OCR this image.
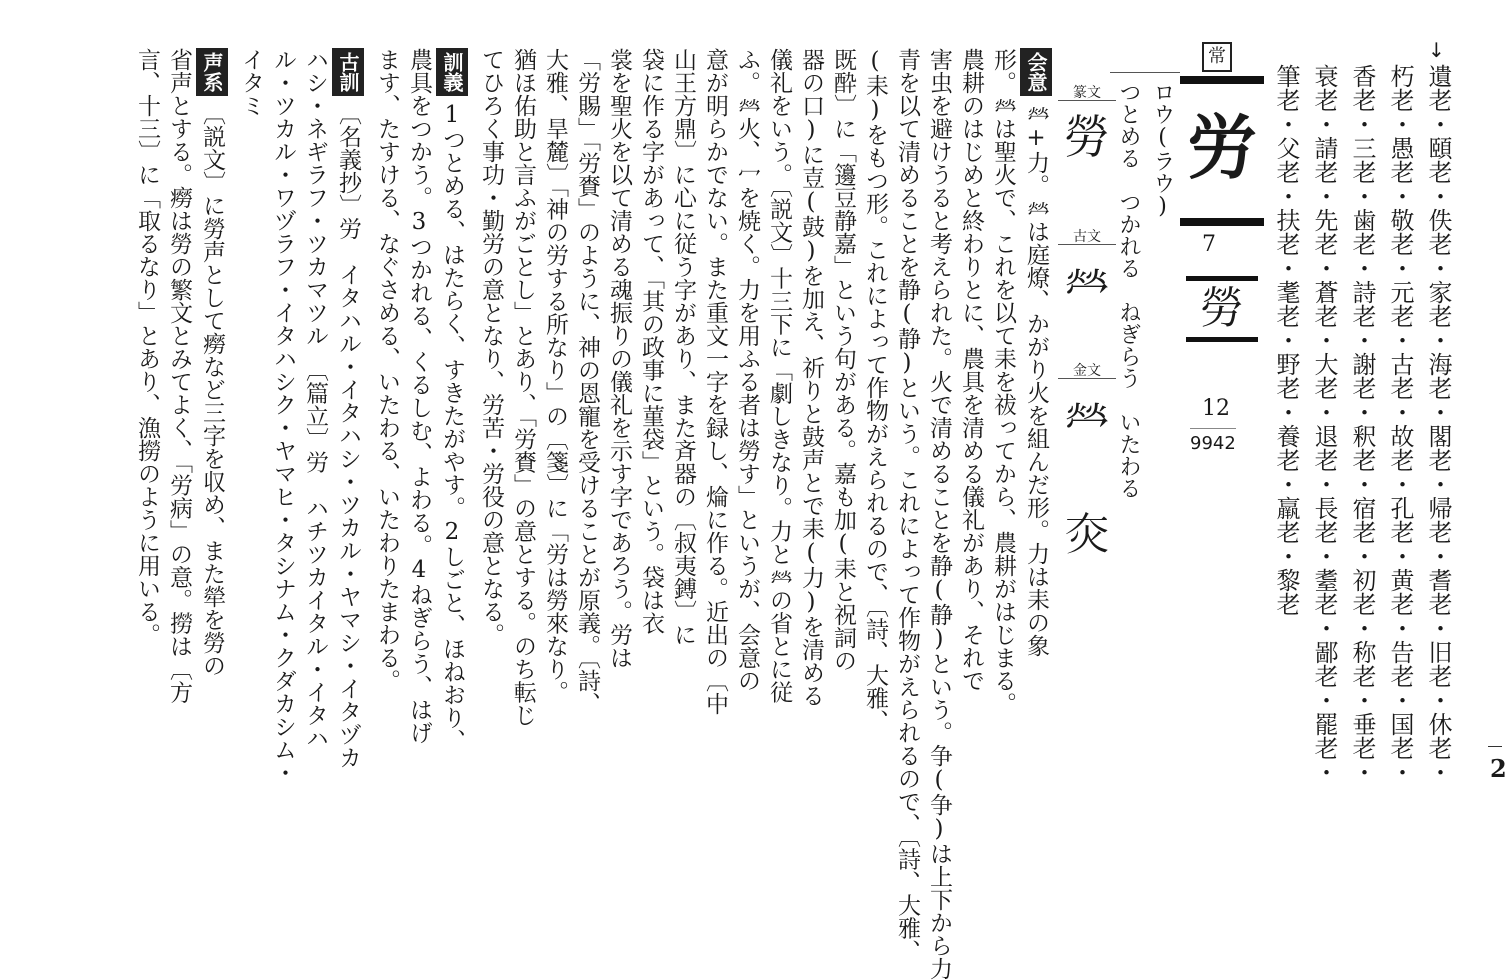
↓
遺老・頤老・佚老・家老・海老・閣老・帰老・耆老・旧老・休老・
朽老・愚老・敬老・元老・古老・故老・孔老・黄老・告老・国老・
香老・三老・歯老・詩老・謝老・釈老・宿老・初老・称老・垂老・
衰老・請老・先老・蒼老・大老・退老・長老・耋老・鄙老・罷老・
筆老・父老・扶老・耄老・野老・養老・羸老・黎老
常
労
7
勞
12
9942
ロウ(ラウ)
つとめる　つかれる　ねぎらう　いたわる
篆文
勞
古文
𤇾
金文
𤇾
𤆍
会意𤇾+力。𤇾は庭燎、かがり火を組んだ形。力は耒の象
形。𤇾は聖火で、これを以て耒を祓ってから、農耕がはじまる。
農耕のはじめと終わりとに、農具を清める儀礼があり、それで
害虫を避けうると考えられた。火で清めることを静(静)という。争(争)は上下から力
青を以て清めることを静(静)という。これによって作物がえられるので、〔詩、大雅、
(耒)をもつ形。これによって作物がえられるので、〔詩、大雅、
既酔〕に「籩豆静嘉」という句がある。嘉も加(耒と祝詞の
器の口)に壴(鼓)を加え、祈りと鼓声とで耒(力)を清める
儀礼をいう。〔説文〕十三下に「劇しきなり。力と𤇾の省とに従
ふ。𤇾火、冖を焼く。力を用ふる者は勞す」というが、会意の
意が明らかでない。また重文一字を録し、㷍に作る。近出の〔中
山王方鼎〕に心に従う字があり、また斉器の〔叔夷鎛〕に
袋に作る字があって、「其の政事に菫袋」という。袋は衣
裳を聖火を以て清める魂振りの儀礼を示す字であろう。労は
「労賜」「労賚」のように、神の恩寵を受けることが原義。〔詩、
大雅、旱麓〕「神の労する所なり」の〔箋〕に「労は勞來なり。
猶ほ佑助と言ふがごとし」とあり、「労賚」の意とする。のち転じ
てひろく事功・勤労の意となり、労苦・労役の意となる。
訓義1つとめる、はたらく、すきたがやす。2しごと、ほねおり、
農具をつかう。3つかれる、くるしむ、よわる。4ねぎらう、はげ
ます、たすける、なぐさめる、いたわる、いたわりたまわる。
古訓〔名義抄〕労　イタハル・イタハシ・ツカル・ヤマシ・イタヅカ
ハシ・ネギラフ・ツカマツル　〔篇立〕労　ハチツカイタル・イタハ
ル・ツカル・ワヅラフ・イタハシク・ヤマヒ・タシナム・クダカシム・
イタミ
声系〔説文〕に勞声として癆など三字を収め、また犖を勞の
省声とする。癆は勞の繁文とみてよく、「労病」の意。撈は〔方
言、十三〕に「取るなり」とあり、漁撈のように用いる。
2
